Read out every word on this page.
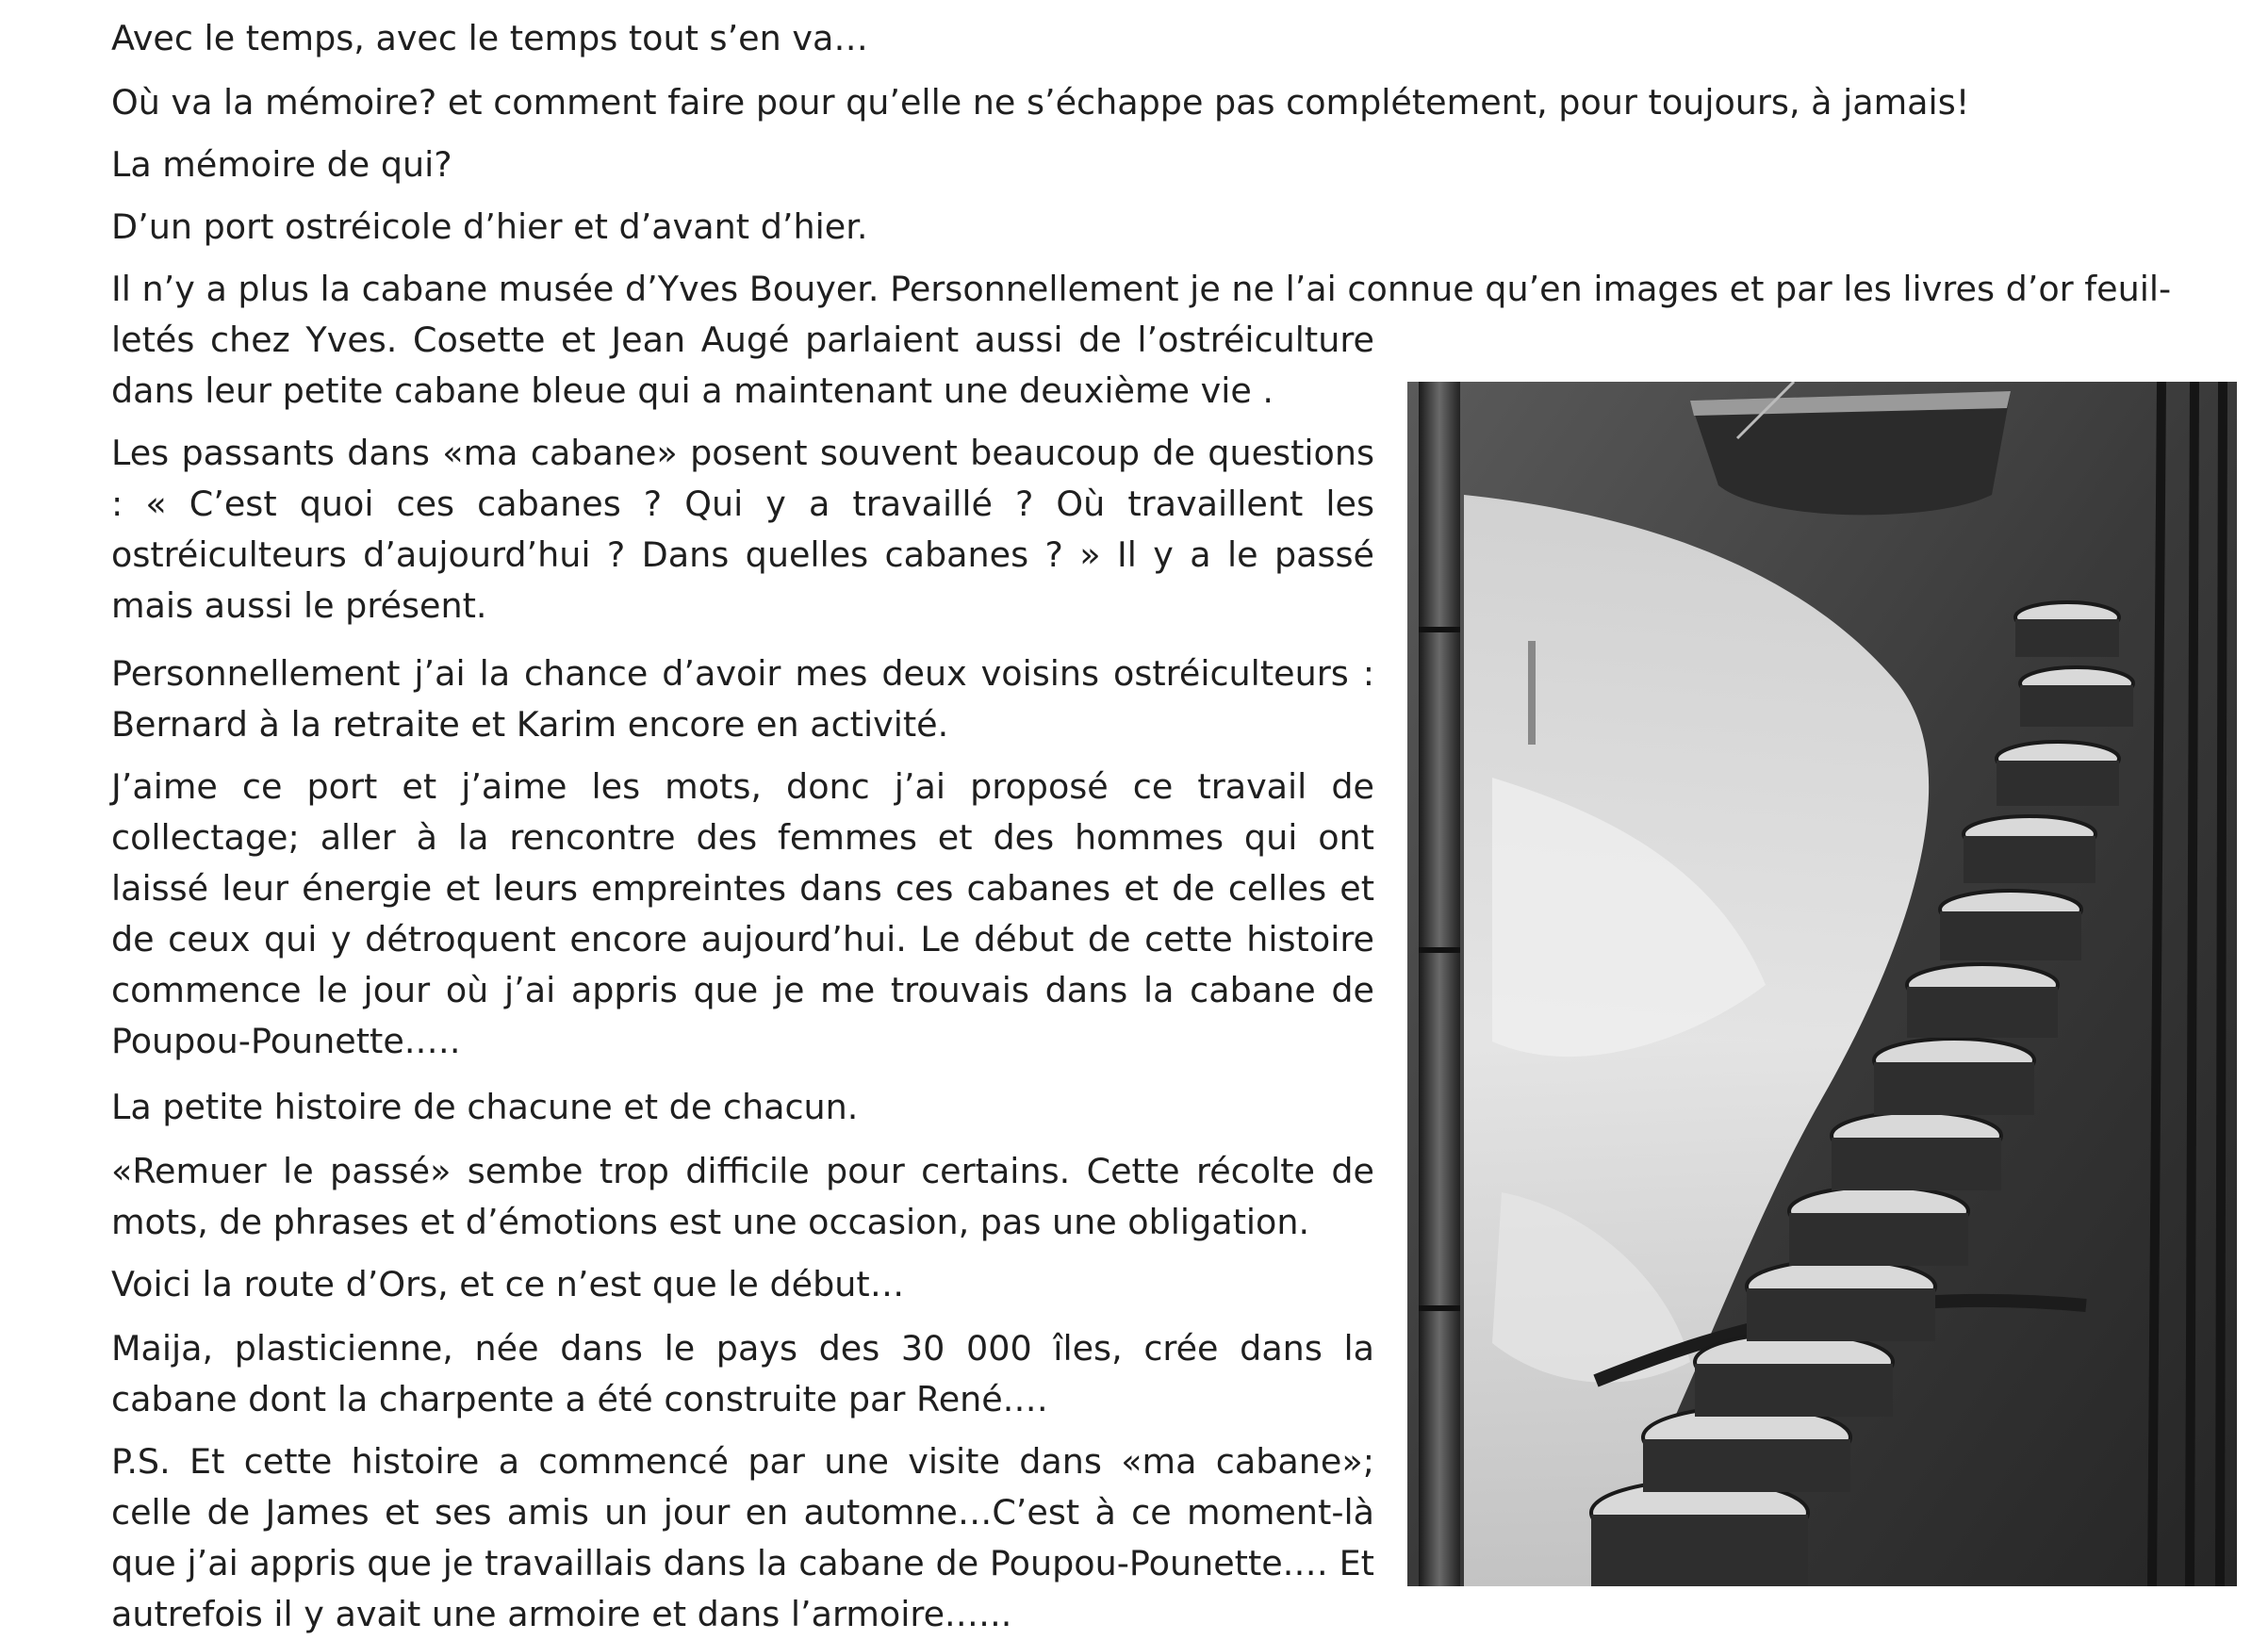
Avec le temps, avec le temps tout s’en va…

Où va la mémoire? et comment faire pour qu’elle ne s’échappe pas complétement, pour toujours, à jamais!

La mémoire de qui?

D’un port ostréicole d’hier et d’avant d’hier.

Il n’y a plus la cabane musée d’Yves Bouyer. Personnellement je ne l’ai connue qu’en images et par les livres d’or feuil-

letés chez Yves. Cosette et Jean Augé parlaient aussi de l’ostréiculture dans leur petite cabane bleue qui a maintenant une deuxième vie .

Les passants dans «ma cabane» posent souvent beaucoup de questions : « C’est quoi ces cabanes ? Qui y a travaillé ? Où travaillent les ostréiculteurs d’aujourd’hui ? Dans quelles cabanes ? » Il y a le passé mais aussi le présent.

Personnellement j’ai la chance d’avoir mes deux voisins ostréiculteurs : Bernard à la retraite et Karim encore en activité.

J’aime ce port et j’aime les mots, donc j’ai proposé ce travail de collectage; aller à la rencontre des femmes et des hommes qui ont laissé leur énergie et leurs empreintes dans ces cabanes et de celles et de ceux qui y détroquent encore aujourd’hui. Le début de cette histoire commence le jour où j’ai appris que je me trouvais dans la cabane de Poupou-Pounette.….

La petite histoire de chacune et de chacun.

«Remuer le passé» sembe trop difficile pour certains. Cette récolte de mots, de phrases et d’émotions est une occasion, pas une obligation.

Voici la route d’Ors, et ce n’est que le début…

Maija, plasticienne, née dans le pays des 30 000 îles, crée dans la cabane dont la charpente a été construite par René.…

P.S. Et cette histoire a commencé par une visite dans «ma cabane»; celle de James et ses amis un jour en automne…C’est à ce moment-là que j’ai appris que je travaillais dans la cabane de Poupou-Pounette.… Et autrefois il y avait une armoire et dans l’armoire.…..
